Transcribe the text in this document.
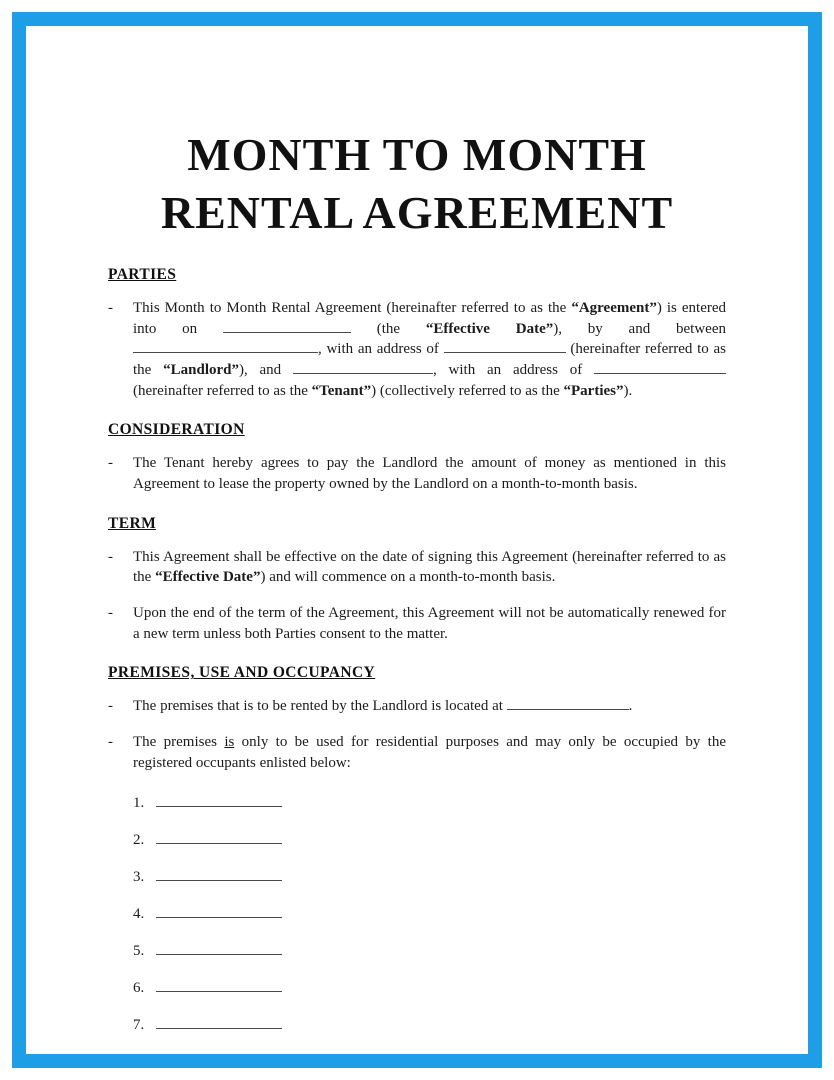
MONTH TO MONTH
RENTAL AGREEMENT
PARTIES
-	This Month to Month Rental Agreement (hereinafter referred to as the “Agreement”) is entered into on	(the “Effective Date”), by and between , with an address of	(hereinafter referred to as the “Landlord”), and	, with an address of  (hereinafter referred to as the “Tenant”) (collectively referred to as the “Parties”).

CONSIDERATION
-	The Tenant hereby agrees to pay the Landlord the amount of money as mentioned in this Agreement to lease the property owned by the Landlord on a month-to-month basis.

TERM
-	This Agreement shall be effective on the date of signing this Agreement (hereinafter referred to as the “Effective Date”) and will commence on a month-to-month basis.

-	Upon the end of the term of the Agreement, this Agreement will not be automatically renewed for a new term unless both Parties consent to the matter.

PREMISES, USE AND OCCUPANCY
-	The premises that is to be rented by the Landlord is located at	.

-	The premises is only to be used for residential purposes and may only be occupied by the registered occupants enlisted below:

1.
2.
3.
4.
5.
6.
7.
